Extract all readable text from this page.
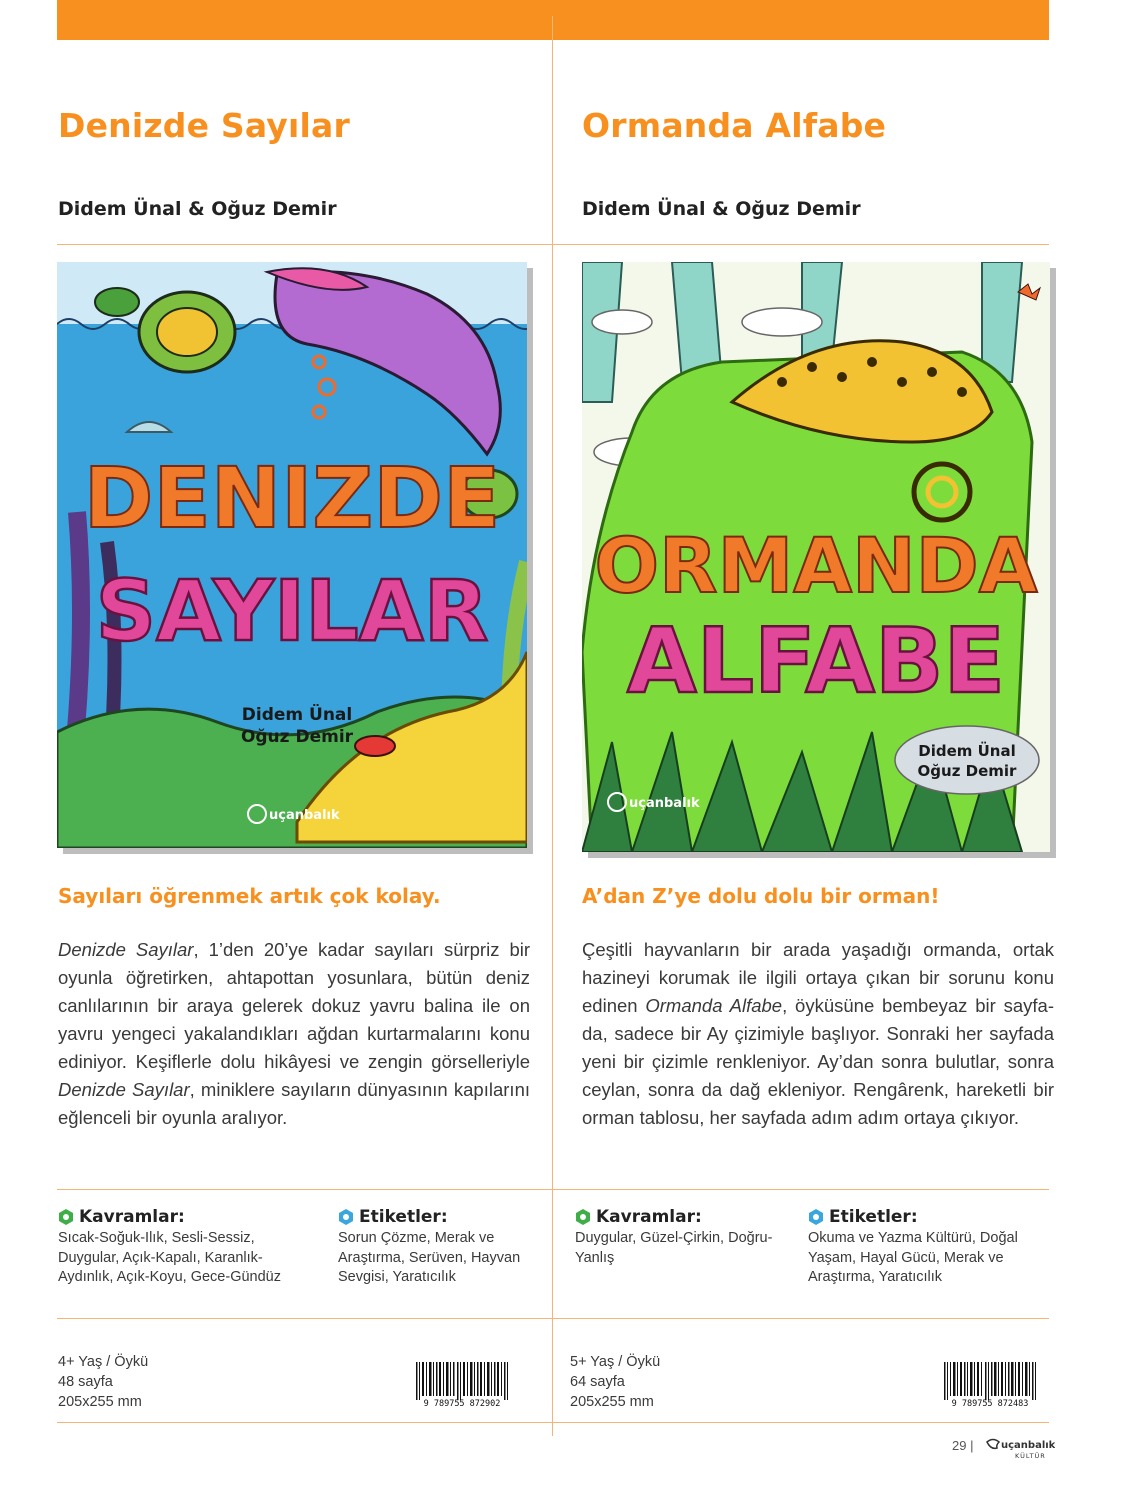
Denizde Sayılar
Didem Ünal & Oğuz Demir
DENIZDE
SAYILAR
Didem Ünal
Oğuz Demir
uçanbalık
Sayıları öğrenmek artık çok kolay.
Denizde Sayılar, 1’den 20’ye kadar sayıları sürpriz bir oyunla öğretirken, ahtapottan yosunlara, bütün deniz canlılarının bir araya gelerek dokuz yavru balina ile on yavru yengeci yakalandıkları ağdan kurtarmalarını konu ediniyor. Keşiflerle dolu hikâyesi ve zengin görselleriyle Denizde Sayılar, miniklere sayıların dünyasının kapılarını eğlenceli bir oyunla aralıyor.
Kavramlar:
Sıcak-Soğuk-Ilık, Sesli-Sessiz, Duygular, Açık-Kapalı, Karanlık-Aydınlık, Açık-Koyu, Gece-Gündüz
Etiketler:
Sorun Çözme, Merak ve Araştırma, Serüven, Hayvan Sevgisi, Yaratıcılık
4+ Yaş / Öykü
48 sayfa
205x255 mm	9 789755 872902
Ormanda Alfabe
Didem Ünal & Oğuz Demir
ORMANDA
ALFABE
Didem Ünal
Oğuz Demir
uçanbalık
A’dan Z’ye dolu dolu bir orman!
Çeşitli hayvanların bir arada yaşadığı ormanda, ortak hazineyi korumak ile ilgili ortaya çıkan bir sorunu konu edinen Ormanda Alfabe, öyküsüne bembeyaz bir sayfada, sadece bir Ay çizimiyle başlıyor. Sonraki her sayfada yeni bir çizimle renkleniyor. Ay’dan sonra bulutlar, sonra ceylan, sonra da dağ ekleniyor. Rengârenk, hareketli bir orman tablosu, her sayfada adım adım ortaya çıkıyor.
Kavramlar:
Duygular, Güzel-Çirkin, Doğru-Yanlış
Etiketler:
Okuma ve Yazma Kültürü, Doğal Yaşam, Hayal Gücü, Merak ve Araştırma, Yaratıcılık
5+ Yaş / Öykü
64 sayfa
205x255 mm	9 789755 872483
29 |	uçanbalık
KÜLTÜR
